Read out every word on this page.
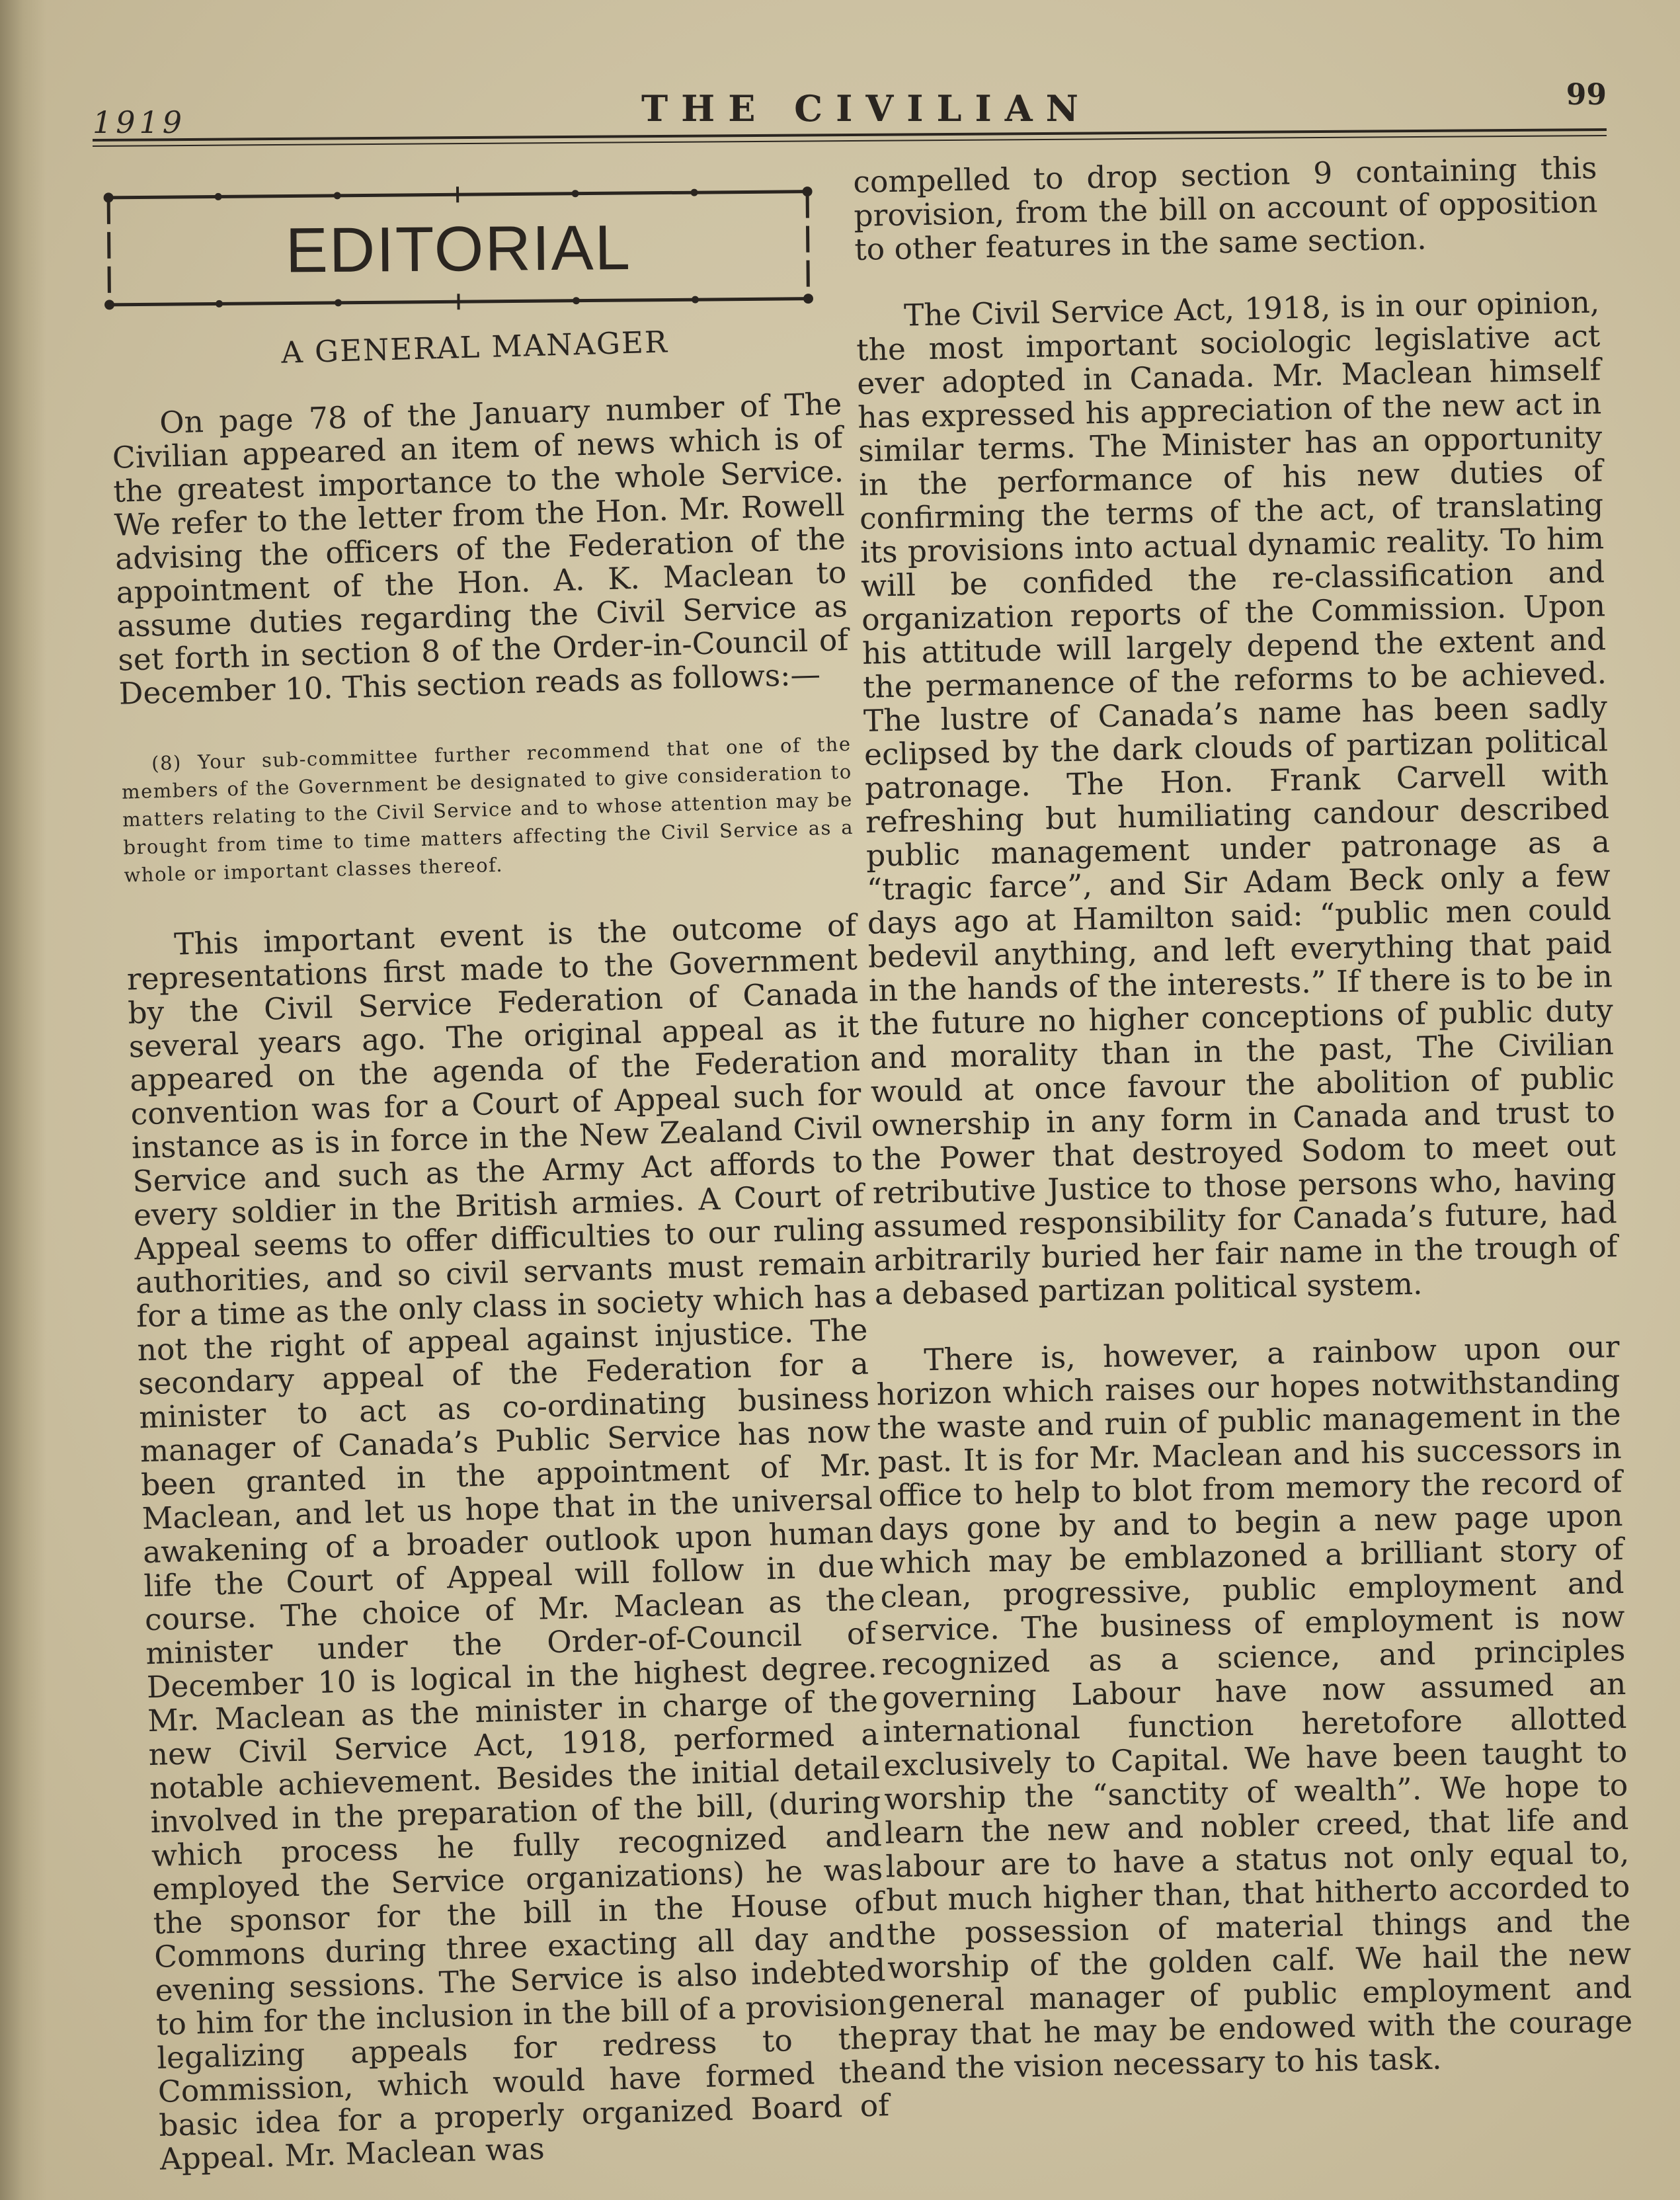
1919	THE CIVILIAN	99
EDITORIAL
A GENERAL MANAGER

On page 78 of the January number of The Civilian appeared an item of news which is of the greatest importance to the whole Service. We refer to the letter from the Hon. Mr. Rowell advising the officers of the Federation of the appointment of the Hon. A. K. Maclean to assume duties regarding the Civil Service as set forth in section 8 of the Order-in-Council of December 10. This section reads as follows:—

(8) Your sub-committee further recommend that one of the members of the Government be designated to give consideration to matters relating to the Civil Service and to whose attention may be brought from time to time matters affecting the Civil Service as a whole or important classes thereof.

This important event is the outcome of representations first made to the Government by the Civil Service Federation of Canada several years ago. The original appeal as it appeared on the agenda of the Federation convention was for a Court of Appeal such for instance as is in force in the New Zealand Civil Service and such as the Army Act affords to every soldier in the British armies. A Court of Appeal seems to offer difficulties to our ruling authorities, and so civil servants must remain for a time as the only class in society which has not the right of appeal against injustice. The secondary appeal of the Federation for a minister to act as co-ordinating business manager of Canada’s Public Service has now been granted in the appointment of Mr. Maclean, and let us hope that in the universal awakening of a broader outlook upon human life the Court of Appeal will follow in due course. The choice of Mr. Maclean as the minister under the Order-of-Council of December 10 is logical in the highest degree. Mr. Maclean as the minister in charge of the new Civil Service Act, 1918, performed a notable achievement. Besides the initial detail involved in the preparation of the bill, (during which process he fully recognized and employed the Service organizations) he was the sponsor for the bill in the House of Commons during three exacting all day and evening sessions. The Service is also indebted to him for the inclusion in the bill of a provision legalizing appeals for redress to the Commission, which would have formed the basic idea for a properly organized Board of Appeal. Mr. Maclean was

compelled to drop section 9 containing this provision, from the bill on account of opposition to other features in the same section.

The Civil Service Act, 1918, is in our opinion, the most important sociologic legislative act ever adopted in Canada. Mr. Maclean himself has expressed his appreciation of the new act in similar terms. The Minister has an opportunity in the performance of his new duties of confirming the terms of the act, of translating its provisions into actual dynamic reality. To him will be confided the re-classification and organization reports of the Commission. Upon his attitude will largely depend the extent and the permanence of the reforms to be achieved. The lustre of Canada’s name has been sadly eclipsed by the dark clouds of partizan political patronage. The Hon. Frank Carvell with refreshing but humiliating candour described public management under patronage as a “tragic farce”, and Sir Adam Beck only a few days ago at Hamilton said: “public men could bedevil anything, and left everything that paid in the hands of the interests.” If there is to be in the future no higher conceptions of public duty and morality than in the past, The Civilian would at once favour the abolition of public ownership in any form in Canada and trust to the Power that destroyed Sodom to meet out retributive Justice to those persons who, having assumed responsibility for Canada’s future, had arbitrarily buried her fair name in the trough of a debased partizan political system.

There is, however, a rainbow upon our horizon which raises our hopes notwithstanding the waste and ruin of public management in the past. It is for Mr. Maclean and his successors in office to help to blot from memory the record of days gone by and to begin a new page upon which may be emblazoned a brilliant story of clean, progressive, public employment and service. The business of employment is now recognized as a science, and principles governing Labour have now assumed an international function heretofore allotted exclusively to Capital. We have been taught to worship the “sanctity of wealth”. We hope to learn the new and nobler creed, that life and labour are to have a status not only equal to, but much higher than, that hitherto accorded to the possession of material things and the worship of the golden calf. We hail the new general manager of public employment and pray that he may be endowed with the courage and the vision necessary to his task.
